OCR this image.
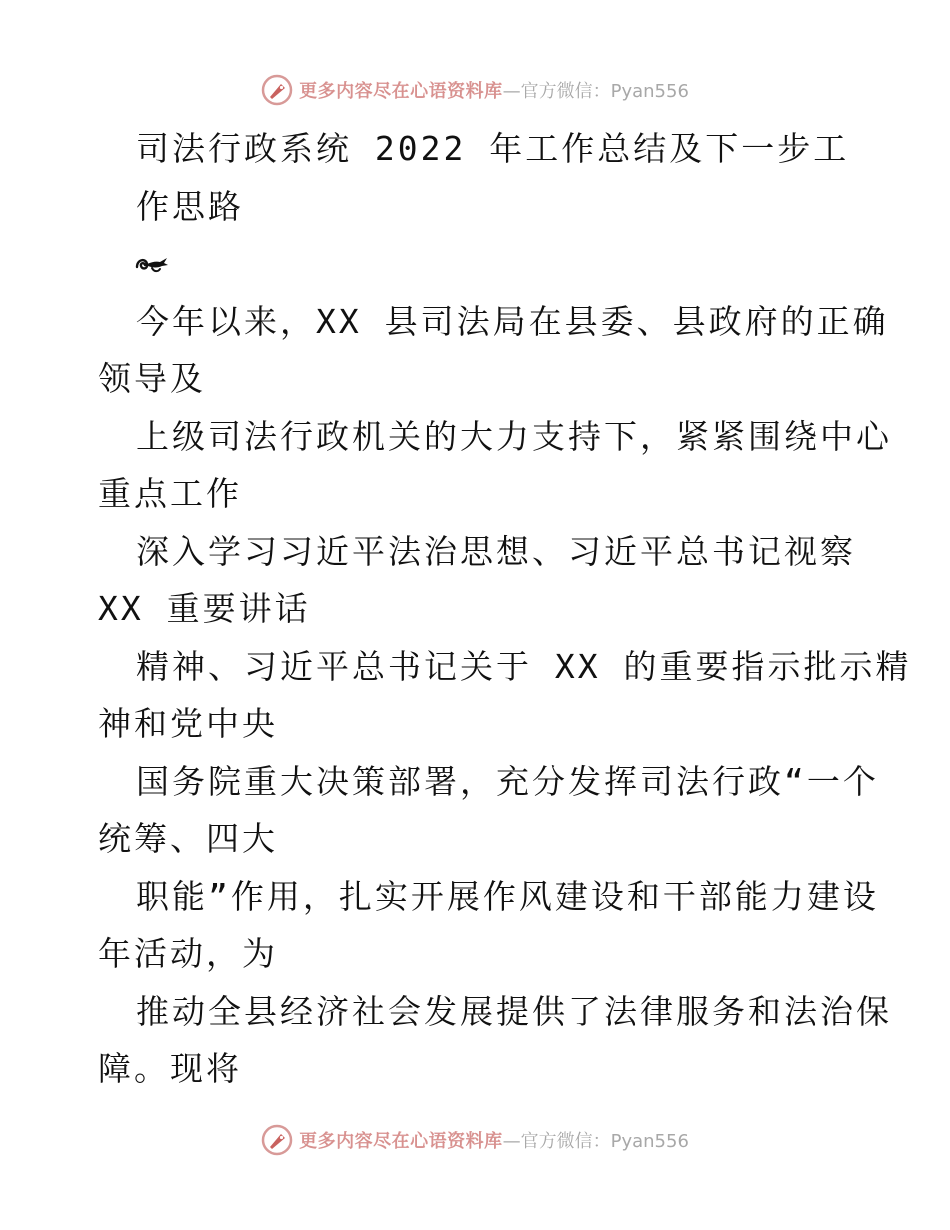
更多内容尽在心语资料库 —官方微信：Pyan556
司法行政系统 2022 年工作总结及下一步工
作思路
今年以来，XX 县司法局在县委、县政府的正确
领导及
上级司法行政机关的大力支持下，紧紧围绕中心
重点工作
深入学习习近平法治思想、习近平总书记视察
XX 重要讲话
精神、习近平总书记关于 XX 的重要指示批示精
神和党中央
国务院重大决策部署，充分发挥司法行政“一个
统筹、四大
职能”作用，扎实开展作风建设和干部能力建设
年活动，为
推动全县经济社会发展提供了法律服务和法治保
障。现将
更多内容尽在心语资料库 —官方微信：Pyan556
